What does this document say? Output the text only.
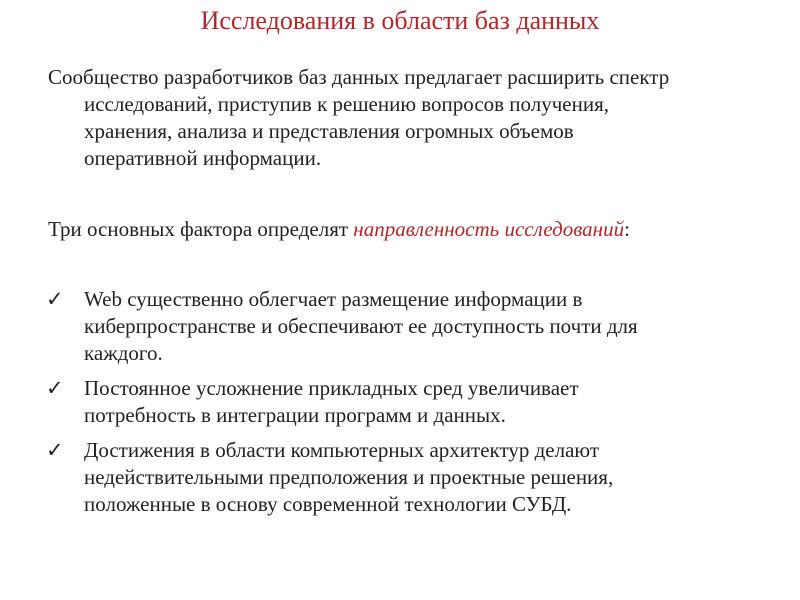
Исследования в области баз данных
Сообщество разработчиков баз данных предлагает расширить спектр
исследований, приступив к решению вопросов получения,
хранения, анализа и представления огромных объемов
оперативной информации.
Три основных фактора определят направленность исследований:
✓ Web существенно облегчает размещение информации в
киберпространстве и обеспечивают ее доступность почти для
каждого.
✓ Постоянное усложнение прикладных сред увеличивает
потребность в интеграции программ и данных.
✓ Достижения в области компьютерных архитектур делают
недействительными предположения и проектные решения,
положенные в основу современной технологии СУБД.
